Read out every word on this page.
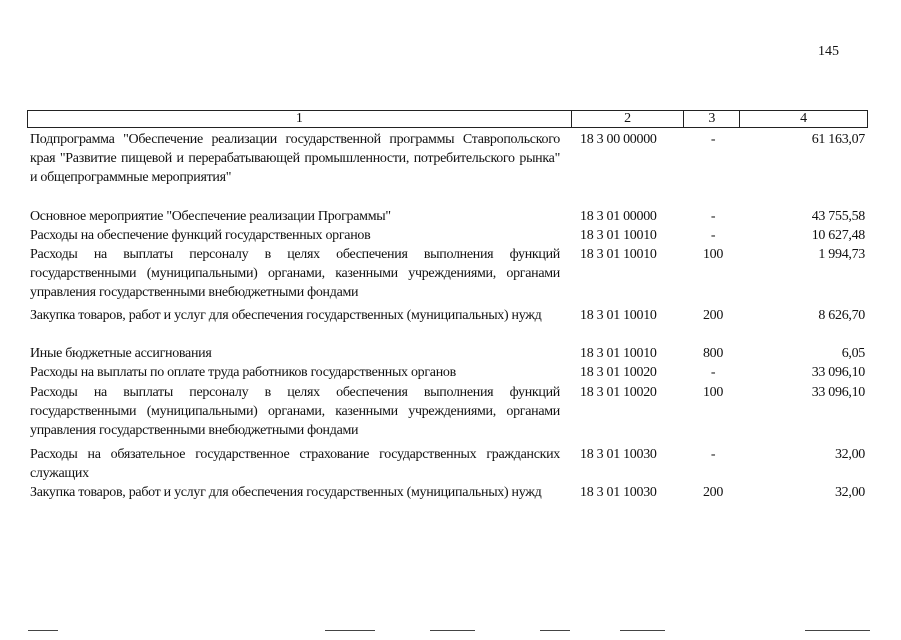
145
1	2	3	4
Подпрограмма "Обеспечение реализации государственной программы Ставропольского края "Развитие пищевой и перерабатывающей промышленности, потребительского рынка" и общепрограммные мероприятия"
18 3 00 00000	-	61 163,07
Основное мероприятие "Обеспечение реализации Программы"	18 3 01 00000	-	43 755,58
Расходы на обеспечение функций государственных органов	18 3 01 10010	-	10 627,48
Расходы на выплаты персоналу в целях обеспечения выполнения функций государственными (муниципальными) органами, казенными учреждениями, органами управления государственными внебюджетными фондами
18 3 01 10010	100	1 994,73
Закупка товаров, работ и услуг для обеспечения государственных (муниципальных) нужд	18 3 01 10010	200	8 626,70
Иные бюджетные ассигнования	18 3 01 10010	800	6,05
Расходы на выплаты по оплате труда работников государственных органов	18 3 01 10020	-	33 096,10
Расходы на выплаты персоналу в целях обеспечения выполнения функций государственными (муниципальными) органами, казенными учреждениями, органами управления государственными внебюджетными фондами
18 3 01 10020	100	33 096,10
Расходы на обязательное государственное страхование государственных гражданских служащих
18 3 01 10030	-	32,00
Закупка товаров, работ и услуг для обеспечения государственных (муниципальных) нужд	18 3 01 10030	200	32,00
